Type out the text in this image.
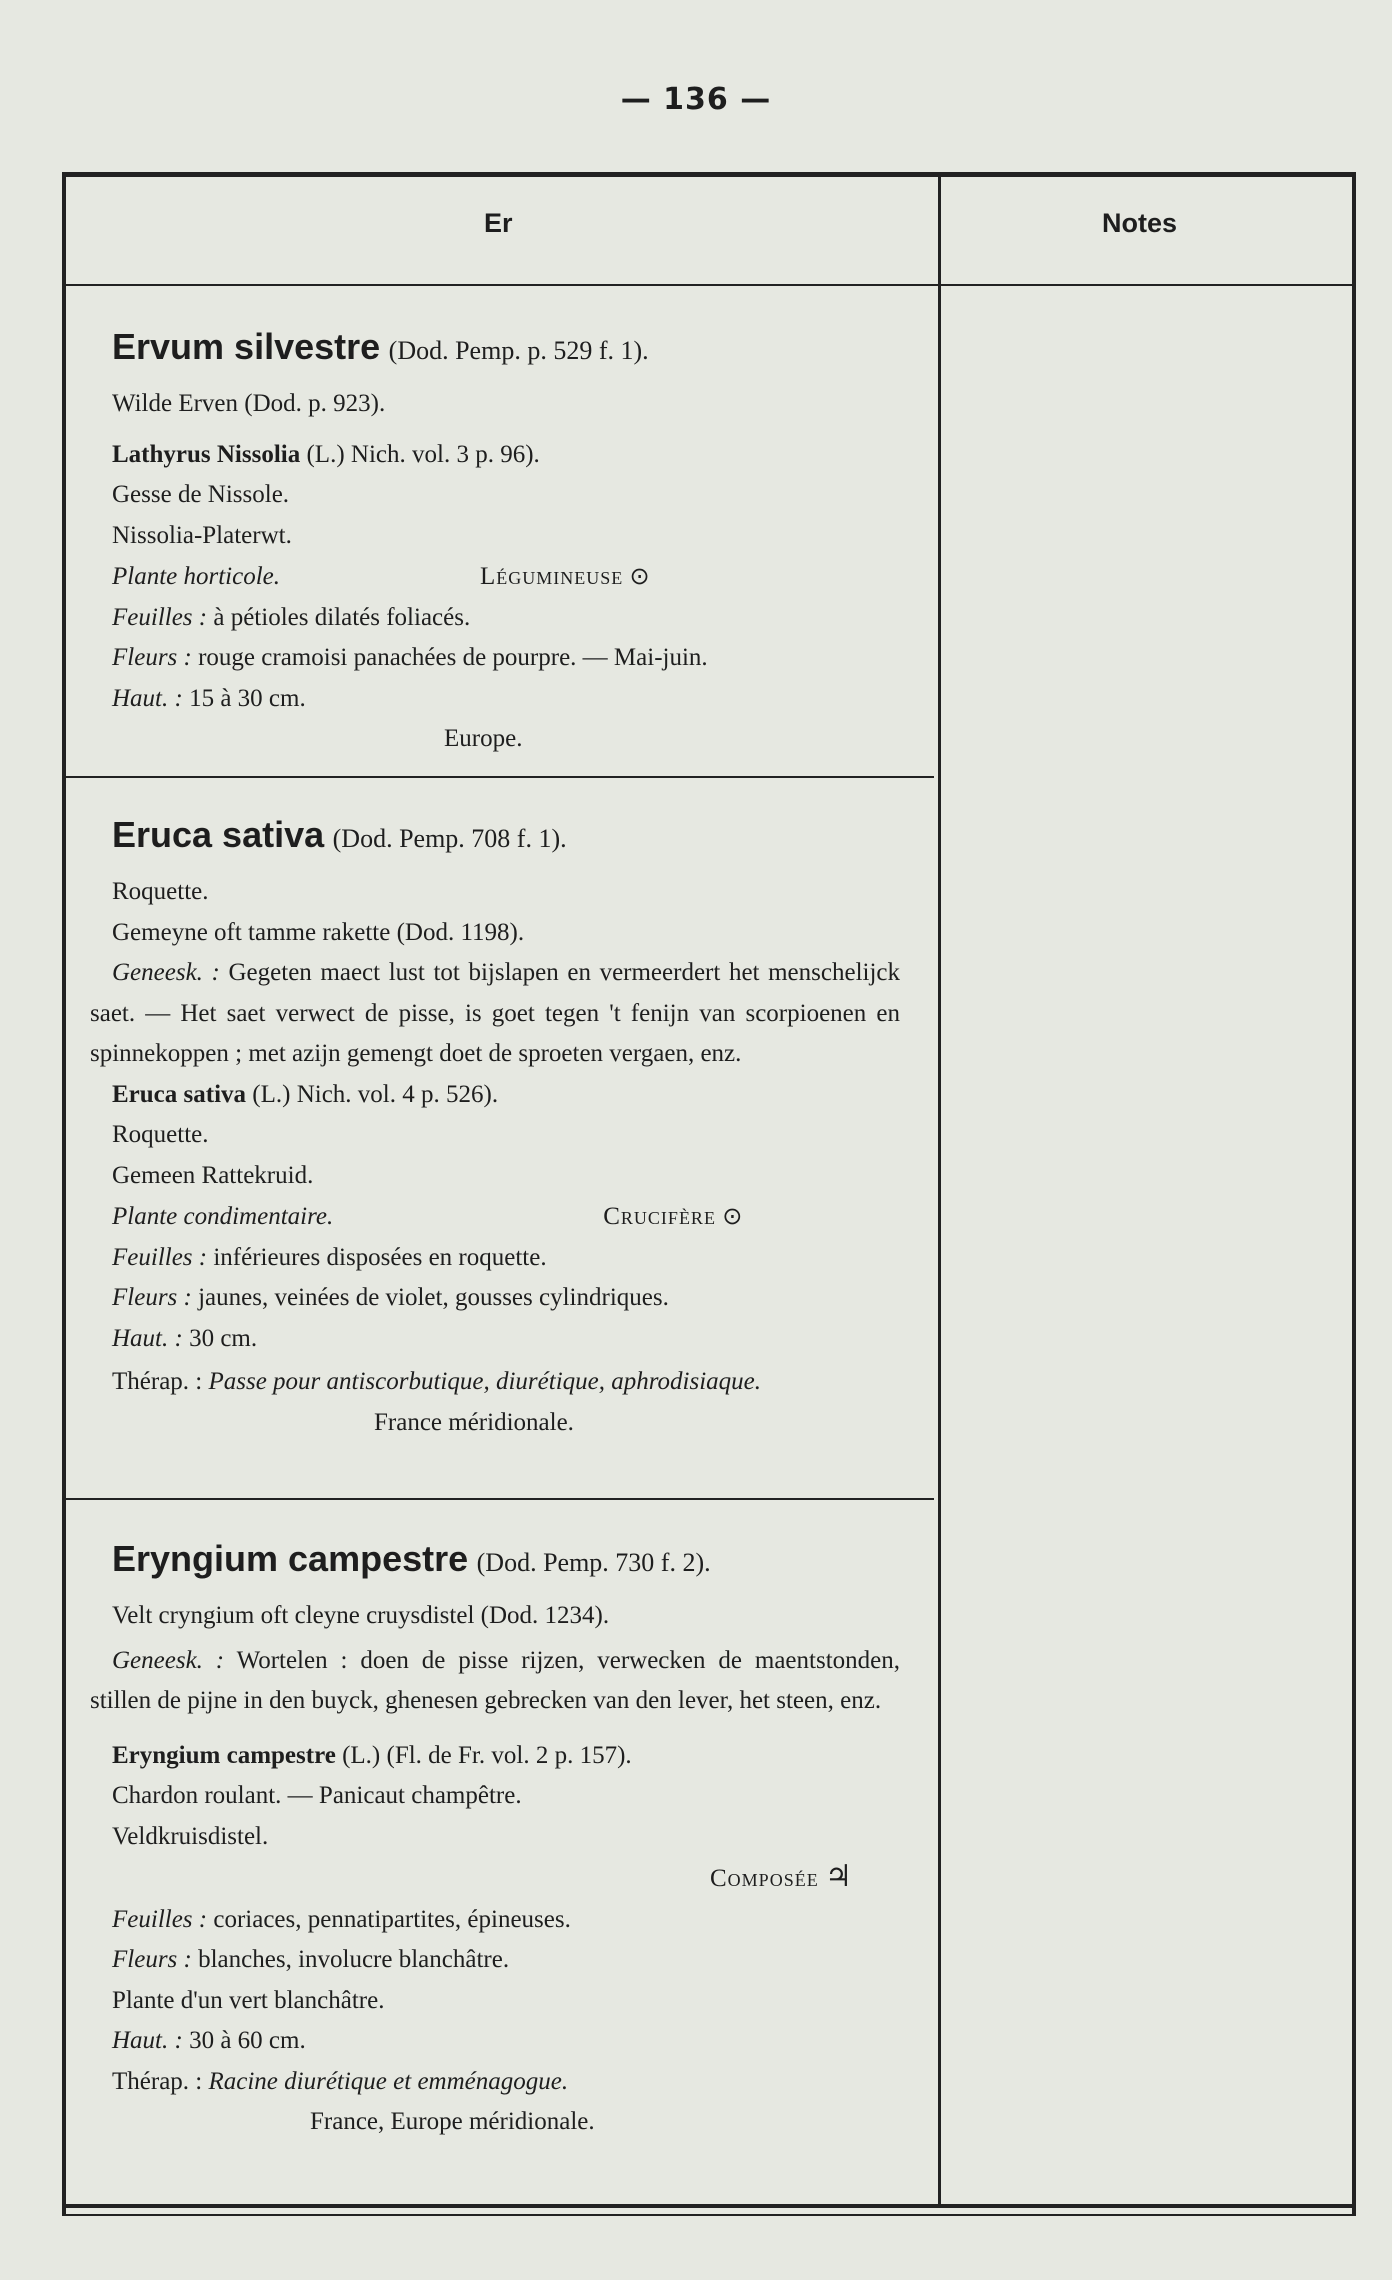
— 136 —
Er	Notes
Ervum silvestre (Dod. Pemp. p. 529 f. 1).
Wilde Erven (Dod. p. 923).
Lathyrus Nissolia (L.) Nich. vol. 3 p. 96).
Gesse de Nissole.
Nissolia-Platerwt.
Plante horticole.	Légumineuse ⊙
Feuilles : à pétioles dilatés foliacés.
Fleurs : rouge cramoisi panachées de pourpre. — Mai-juin.
Haut. : 15 à 30 cm.
Europe.
Eruca sativa (Dod. Pemp. 708 f. 1).
Roquette.
Gemeyne oft tamme rakette (Dod. 1198).
Geneesk. : Gegeten maect lust tot bijslapen en vermeerdert het menschelijck saet. — Het saet verwect de pisse, is goet tegen 't fenijn van scorpioenen en spinnekoppen ; met azijn gemengt doet de sproeten vergaen, enz.
Eruca sativa (L.) Nich. vol. 4 p. 526).
Roquette.
Gemeen Rattekruid.
Plante condimentaire.	Crucifère ⊙
Feuilles : inférieures disposées en roquette.
Fleurs : jaunes, veinées de violet, gousses cylindriques.
Haut. : 30 cm.
Thérap. : Passe pour antiscorbutique, diurétique, aphrodisiaque.
France méridionale.
Eryngium campestre (Dod. Pemp. 730 f. 2).
Velt cryngium oft cleyne cruysdistel (Dod. 1234).
Geneesk. : Wortelen : doen de pisse rijzen, verwecken de maentstonden, stillen de pijne in den buyck, ghenesen gebrecken van den lever, het steen, enz.
Eryngium campestre (L.) (Fl. de Fr. vol. 2 p. 157).
Chardon roulant. — Panicaut champêtre.
Veldkruisdistel.
Composée ♃
Feuilles : coriaces, pennatipartites, épineuses.
Fleurs : blanches, involucre blanchâtre.
Plante d'un vert blanchâtre.
Haut. : 30 à 60 cm.
Thérap. : Racine diurétique et emménagogue.
France, Europe méridionale.
